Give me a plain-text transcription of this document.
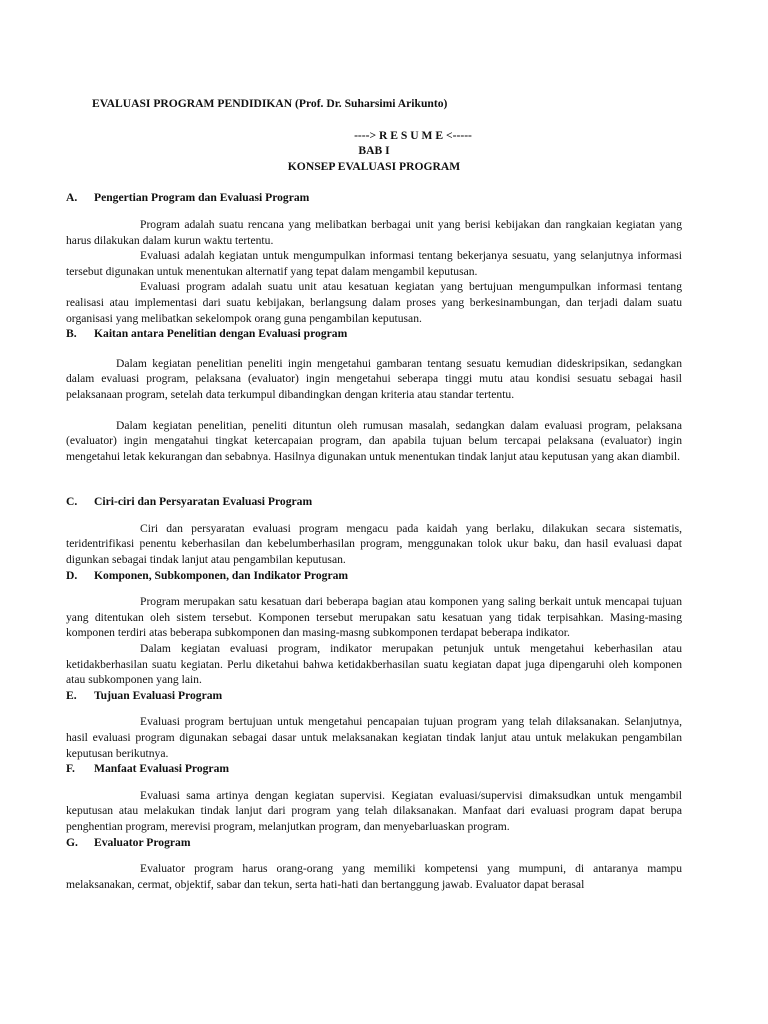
EVALUASI PROGRAM PENDIDIKAN (Prof. Dr. Suharsimi Arikunto)
----> R E S U M E <-----
BAB I
KONSEP EVALUASI PROGRAM
A.	Pengertian Program dan Evaluasi Program

Program adalah suatu rencana yang melibatkan berbagai unit yang berisi kebijakan dan rangkaian kegiatan yang harus dilakukan dalam kurun waktu tertentu.

Evaluasi adalah kegiatan untuk mengumpulkan informasi tentang bekerjanya sesuatu, yang selanjutnya informasi tersebut digunakan untuk menentukan alternatif yang tepat dalam mengambil keputusan.

Evaluasi program adalah suatu unit atau kesatuan kegiatan yang bertujuan mengumpulkan informasi tentang realisasi atau implementasi dari suatu kebijakan, berlangsung dalam proses yang berkesinambungan, dan terjadi dalam suatu organisasi yang melibatkan sekelompok orang guna pengambilan keputusan.

B.	Kaitan antara Penelitian dengan Evaluasi program

Dalam kegiatan penelitian peneliti ingin mengetahui gambaran tentang sesuatu kemudian dideskripsikan, sedangkan dalam evaluasi program, pelaksana (evaluator) ingin mengetahui seberapa tinggi mutu atau kondisi sesuatu sebagai hasil pelaksanaan program, setelah data terkumpul dibandingkan dengan kriteria atau standar tertentu.

Dalam kegiatan penelitian, peneliti dituntun oleh rumusan masalah, sedangkan dalam evaluasi program, pelaksana (evaluator) ingin mengatahui tingkat ketercapaian program, dan apabila tujuan belum tercapai pelaksana (evaluator) ingin mengetahui letak kekurangan dan sebabnya. Hasilnya digunakan untuk menentukan tindak lanjut atau keputusan yang akan diambil.

C.	Ciri-ciri dan Persyaratan Evaluasi Program

Ciri dan persyaratan evaluasi program mengacu pada kaidah yang berlaku, dilakukan secara sistematis, teridentrifikasi penentu keberhasilan dan kebelumberhasilan program, menggunakan tolok ukur baku, dan hasil evaluasi dapat digunkan sebagai tindak lanjut atau pengambilan keputusan.

D.	Komponen, Subkomponen, dan Indikator Program

Program merupakan satu kesatuan dari beberapa bagian atau komponen yang saling berkait untuk mencapai tujuan yang ditentukan oleh sistem tersebut. Komponen tersebut merupakan satu kesatuan yang tidak terpisahkan. Masing-masing komponen terdiri atas beberapa subkomponen dan masing-masng subkomponen terdapat beberapa indikator.

Dalam kegiatan evaluasi program, indikator merupakan petunjuk untuk mengetahui keberhasilan atau ketidakberhasilan suatu kegiatan. Perlu diketahui bahwa ketidakberhasilan suatu kegiatan dapat juga dipengaruhi oleh komponen atau subkomponen yang lain.

E.	Tujuan Evaluasi Program

Evaluasi program bertujuan untuk mengetahui pencapaian tujuan program yang telah dilaksanakan. Selanjutnya, hasil evaluasi program digunakan sebagai dasar untuk melaksanakan kegiatan tindak lanjut atau untuk melakukan pengambilan keputusan berikutnya.

F.	Manfaat Evaluasi Program

Evaluasi sama artinya dengan kegiatan supervisi. Kegiatan evaluasi/supervisi dimaksudkan untuk mengambil keputusan atau melakukan tindak lanjut dari program yang telah dilaksanakan. Manfaat dari evaluasi program dapat berupa penghentian program, merevisi program, melanjutkan program, dan menyebarluaskan program.

G.	Evaluator Program

Evaluator program harus orang-orang yang memiliki kompetensi yang mumpuni, di antaranya mampu melaksanakan, cermat, objektif, sabar dan tekun, serta hati-hati dan bertanggung jawab. Evaluator dapat berasal
